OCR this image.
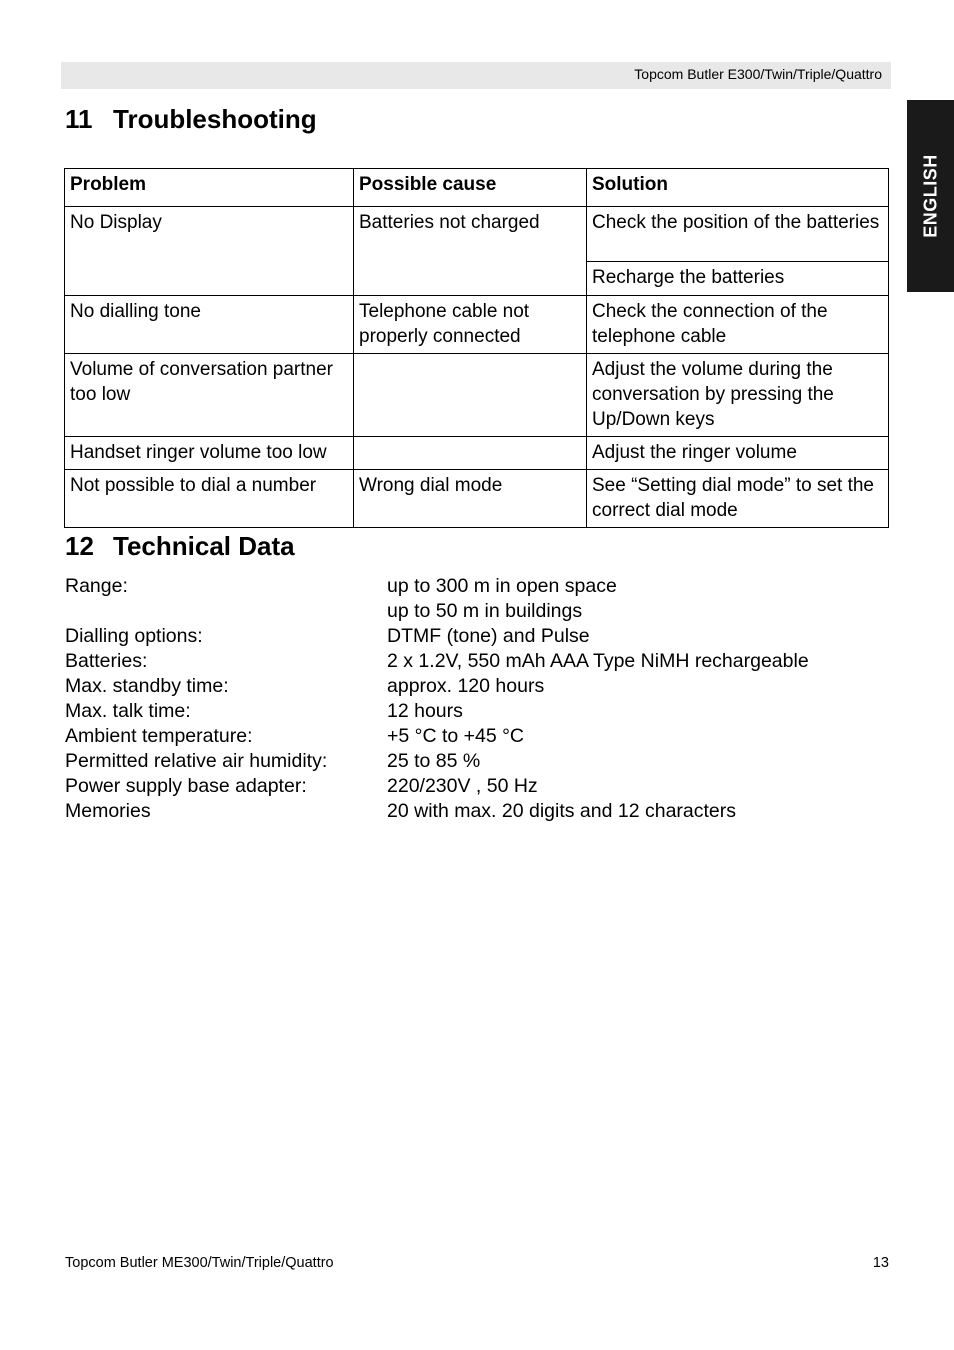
Topcom Butler E300/Twin/Triple/Quattro
ENGLISH
11 Troubleshooting
Problem	Possible cause	Solution
No Display	Batteries not charged	Check the position of the batteries
		Recharge the batteries
No dialling tone	Telephone cable not properly connected	Check the connection of the telephone cable
Volume of conversation partner too low		Adjust the volume during the conversation by pressing the Up/Down keys
Handset ringer volume too low		Adjust the ringer volume
Not possible to dial a number	Wrong dial mode	See “Setting dial mode” to set the correct dial mode
12 Technical Data
Range:	up to 300 m in open space
up to 50 m in buildings
Dialling options:	DTMF (tone) and Pulse
Batteries:	2 x 1.2V, 550 mAh AAA Type NiMH rechargeable
Max. standby time:	approx. 120 hours
Max. talk time:	12 hours
Ambient temperature:	+5 °C to +45 °C
Permitted relative air humidity:	25 to 85 %
Power supply base adapter:	220/230V , 50 Hz
Memories	20 with max. 20 digits and 12 characters
Topcom Butler ME300/Twin/Triple/Quattro	13
